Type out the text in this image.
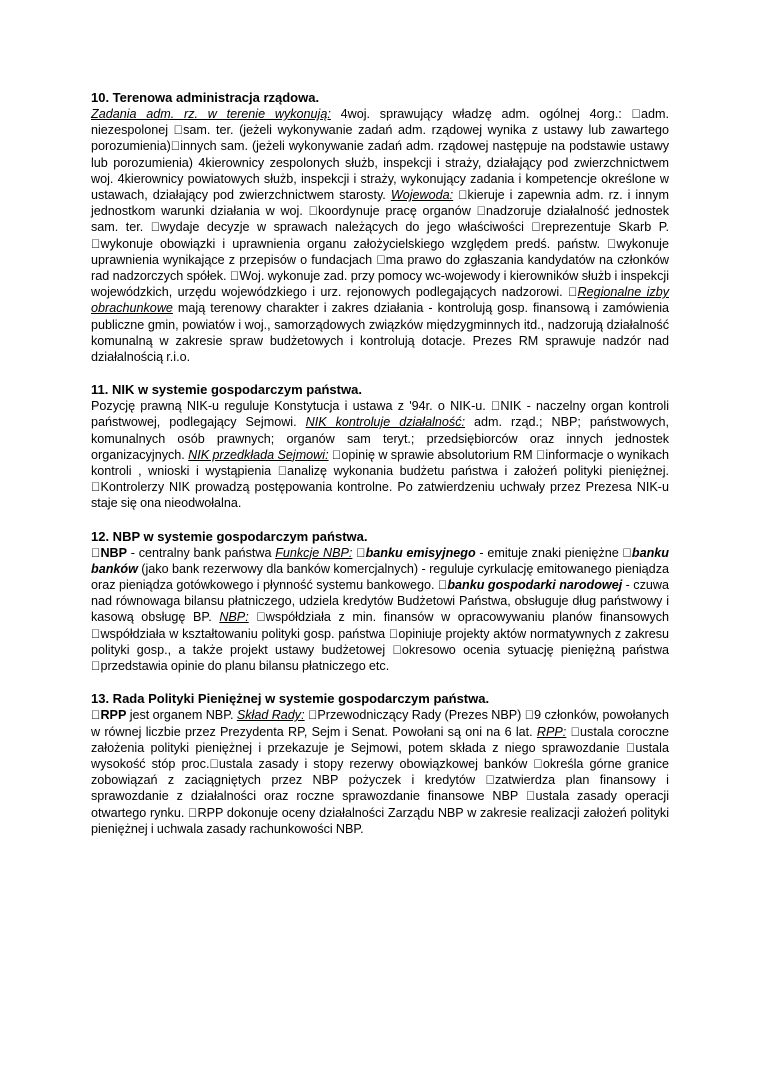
10. Terenowa administracja rządowa.

Zadania adm. rz. w terenie wykonują: 4woj. sprawujący władzę adm. ogólnej 4org.: adm. niezespolonej sam. ter. (jeżeli wykonywanie zadań adm. rządowej wynika z ustawy lub zawartego porozumienia) innych sam. (jeżeli wykonywanie zadań adm. rządowej następuje na podstawie ustawy lub porozumienia) 4kierownicy zespolonych służb, inspekcji i straży, działający pod zwierzchnictwem woj. 4kierownicy powiatowych służb, inspekcji i straży, wykonujący zadania i kompetencje określone w ustawach, działający pod zwierzchnictwem starosty. Wojewoda: kieruje i zapewnia adm. rz. i innym jednostkom warunki działania w woj. koordynuje pracę organów nadzoruje działalność jednostek sam. ter. wydaje decyzje w sprawach należących do jego właściwości reprezentuje Skarb P. wykonuje obowiązki i uprawnienia organu założycielskiego względem predś. państw. wykonuje uprawnienia wynikające z przepisów o fundacjach ma prawo do zgłaszania kandydatów na członków rad nadzorczych spółek. Woj. wykonuje zad. przy pomocy wc-wojewody i kierowników służb i inspekcji wojewódzkich, urzędu wojewódzkiego i urz. rejonowych podlegających nadzorowi. Regionalne izby obrachunkowe mają terenowy charakter i zakres działania - kontrolują gosp. finansową i zamówienia publiczne gmin, powiatów i woj., samorządowych związków międzygminnych itd., nadzorują działalność komunalną w zakresie spraw budżetowych i kontrolują dotacje. Prezes RM sprawuje nadzór nad działalnością r.i.o.

11. NIK w systemie gospodarczym państwa.

Pozycję prawną NIK-u reguluje Konstytucja i ustawa z '94r. o NIK-u. NIK - naczelny organ kontroli państwowej, podlegający Sejmowi. NIK kontroluje działalność: adm. rząd.; NBP; państwowych, komunalnych osób prawnych; organów sam teryt.; przedsiębiorców oraz innych jednostek organizacyjnych. NIK przedkłada Sejmowi: opinię w sprawie absolutorium RM informacje o wynikach kontroli , wnioski i wystąpienia analizę wykonania budżetu państwa i założeń polityki pieniężnej. Kontrolerzy NIK prowadzą postępowania kontrolne. Po zatwierdzeniu uchwały przez Prezesa NIK-u staje się ona nieodwołalna.

12. NBP w systemie gospodarczym państwa.

NBP - centralny bank państwa Funkcje NBP: banku emisyjnego - emituje znaki pieniężne banku banków (jako bank rezerwowy dla banków komercjalnych) - reguluje cyrkulację emitowanego pieniądza oraz pieniądza gotówkowego i płynność systemu bankowego. banku gospodarki narodowej - czuwa nad równowaga bilansu płatniczego, udziela kredytów Budżetowi Państwa, obsługuje dług państwowy i kasową obsługę BP. NBP: współdziała z min. finansów w opracowywaniu planów finansowych współdziała w kształtowaniu polityki gosp. państwa opiniuje projekty aktów normatywnych z zakresu polityki gosp., a także projekt ustawy budżetowej okresowo ocenia sytuację pieniężną państwa przedstawia opinie do planu bilansu płatniczego etc.

13. Rada Polityki Pieniężnej w systemie gospodarczym państwa.

RPP jest organem NBP. Skład Rady: Przewodniczący Rady (Prezes NBP) 9 członków, powołanych w równej liczbie przez Prezydenta RP, Sejm i Senat. Powołani są oni na 6 lat. RPP: ustala coroczne założenia polityki pieniężnej i przekazuje je Sejmowi, potem składa z niego sprawozdanie ustala wysokość stóp proc. ustala zasady i stopy rezerwy obowiązkowej banków określa górne granice zobowiązań z zaciągniętych przez NBP pożyczek i kredytów zatwierdza plan finansowy i sprawozdanie z działalności oraz roczne sprawozdanie finansowe NBP ustala zasady operacji otwartego rynku. RPP dokonuje oceny działalności Zarządu NBP w zakresie realizacji założeń polityki pieniężnej i uchwala zasady rachunkowości NBP.
